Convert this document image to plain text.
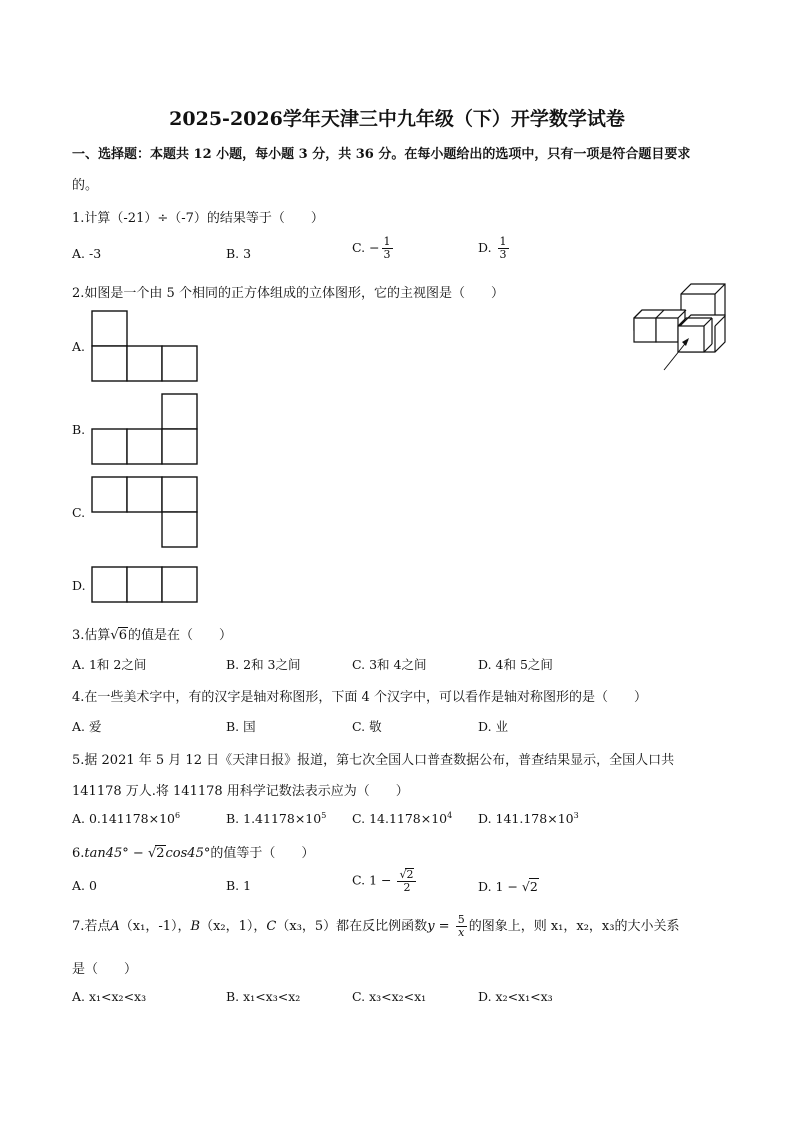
2025-2026学年天津三中九年级（下）开学数学试卷
一、选择题：本题共 12 小题，每小题 3 分，共 36 分。在每小题给出的选项中，只有一项是符合题目要求
的。
1.计算（-21）÷（-7）的结果等于（　　）
A. -3	B. 3	C. − $\frac{1}{3}$	D. $\frac{1}{3}$
2.如图是一个由 5 个相同的正方体组成的立体图形，它的主视图是（　　）
A.
B.
C.
D.
3.估算√6的值是在（　　）
A. 1和 2之间	B. 2和 3之间	C. 3和 4之间	D. 4和 5之间
4.在一些美术字中，有的汉字是轴对称图形，下面 4 个汉字中，可以看作是轴对称图形的是（　　）
A. 爱	B. 国	C. 敬	D. 业
5.据 2021 年 5 月 12 日《天津日报》报道，第七次全国人口普查数据公布，普查结果显示，全国人口共
141178 万人.将 141178 用科学记数法表示应为（　　）
A. $0.141178\times 10^6$	B. $1.41178\times 10^5$ C. $14.1178\times 10^4$ D. $141.178\times 10^3$
6.tan45° − √2cos45°的值等于（　　）
A. 0	B. 1	C. $1 - \frac{√2}{2}$	D. 1 − √2
7.若点A（x₁，-1），B（x₂，1），C（x₃，5）都在反比例函数$y = \frac{5}{x}$ 的图象上，则 x₁，x₂，x₃的大小关系
是（　　）
A. x₁<x₂<x₃	B. x₁<x₃<x₂	C. x₃<x₂<x₁	D. x₂<x₁<x₃
